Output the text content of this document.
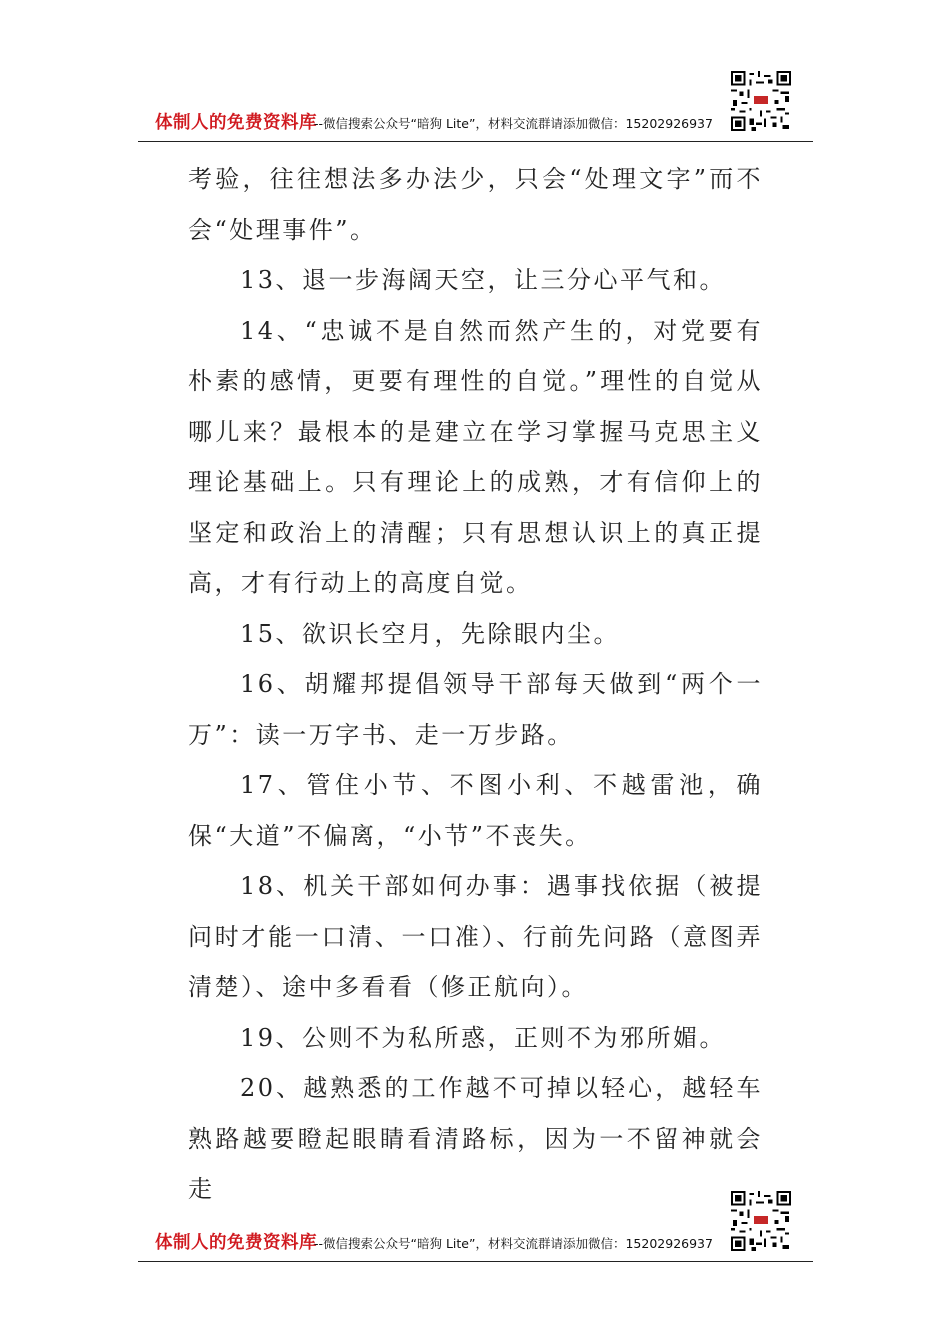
体制人的免费资料库
--微信搜索公众号“暗狗 Lite”，材料交流群请添加微信：15202926937

考验，往往想法多办法少，只会“处理文字”而不会“处理事件”。

13、退一步海阔天空，让三分心平气和。

14、“忠诚不是自然而然产生的，对党要有朴素的感情，更要有理性的自觉。”理性的自觉从哪儿来？最根本的是建立在学习掌握马克思主义理论基础上。只有理论上的成熟，才有信仰上的坚定和政治上的清醒；只有思想认识上的真正提高，才有行动上的高度自觉。

15、欲识长空月，先除眼内尘。

16、胡耀邦提倡领导干部每天做到“两个一万”：读一万字书、走一万步路。

17、管住小节、不图小利、不越雷池，确保“大道”不偏离，“小节”不丧失。

18、机关干部如何办事：遇事找依据（被提问时才能一口清、一口准）、行前先问路（意图弄清楚）、途中多看看（修正航向）。

19、公则不为私所惑，正则不为邪所媚。

20、越熟悉的工作越不可掉以轻心，越轻车熟路越要瞪起眼睛看清路标，因为一不留神就会走

体制人的免费资料库
--微信搜索公众号“暗狗 Lite”，材料交流群请添加微信：15202926937
